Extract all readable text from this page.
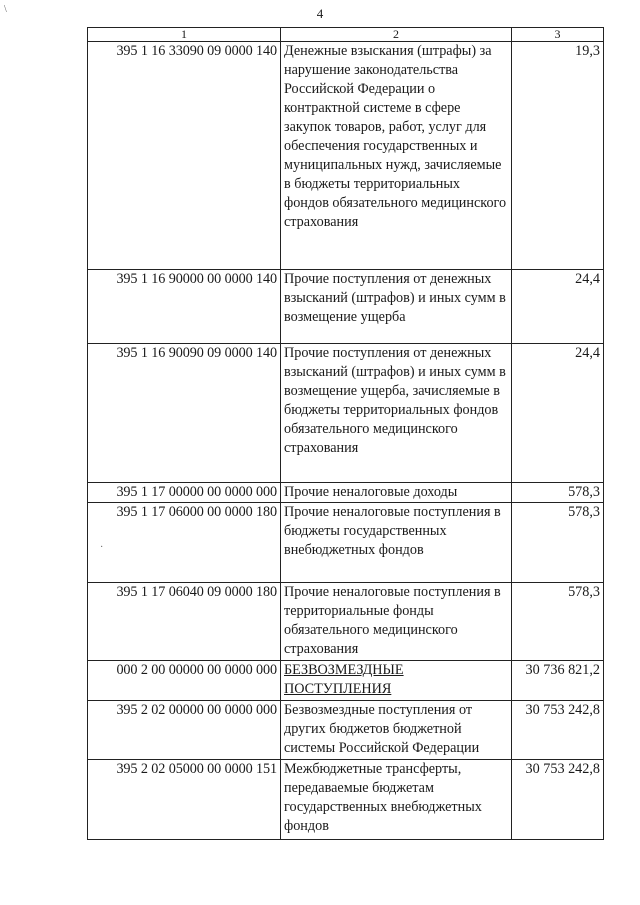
4
1	2	3
395 1 16 33090 09 0000 140	Денежные взыскания (штрафы) за нарушение законодательства Российской Федерации о контрактной системе в сфере закупок товаров, работ, услуг для обеспечения государственных и муниципальных нужд, зачисляемые в бюджеты территориальных фондов обязательного медицинского страхования	19,3
395 1 16 90000 00 0000 140	Прочие поступления от денежных взысканий (штрафов) и иных сумм в возмещение ущерба	24,4
395 1 16 90090 09 0000 140	Прочие поступления от денежных взысканий (штрафов) и иных сумм в возмещение ущерба, зачисляемые в бюджеты территориальных фондов обязательного медицинского страхования	24,4
395 1 17 00000 00 0000 000	Прочие неналоговые доходы	578,3
395 1 17 06000 00 0000 180	Прочие неналоговые поступления в бюджеты государственных внебюджетных фондов	578,3
395 1 17 06040 09 0000 180	Прочие неналоговые поступления в территориальные фонды обязательного медицинского страхования	578,3
000 2 00 00000 00 0000 000	БЕЗВОЗМЕЗДНЫЕ ПОСТУПЛЕНИЯ	30 736 821,2
395 2 02 00000 00 0000 000	Безвозмездные поступления от других бюджетов бюджетной системы Российской Федерации	30 753 242,8
395 2 02 05000 00 0000 151	Межбюджетные трансферты, передаваемые бюджетам государственных внебюджетных фондов	30 753 242,8
\
·
